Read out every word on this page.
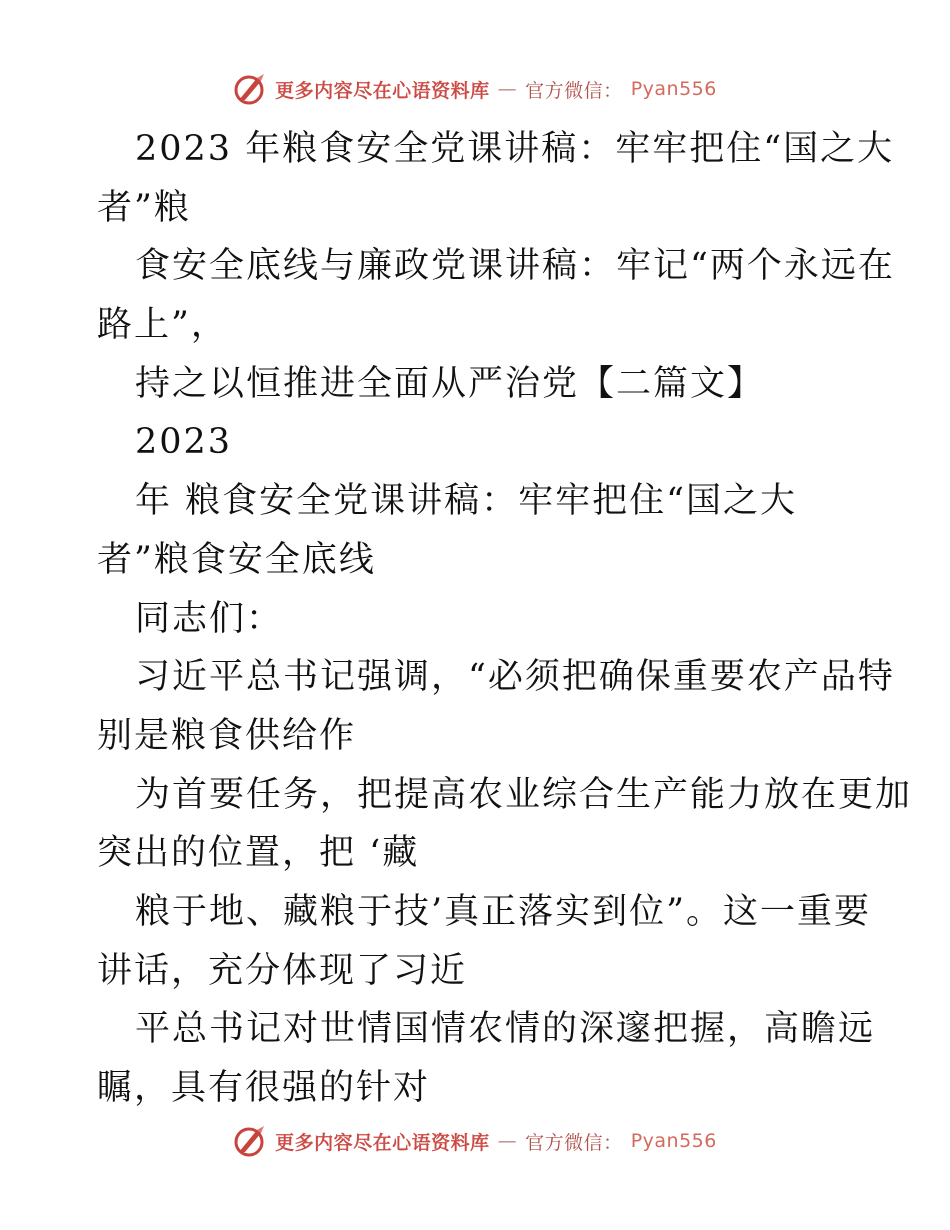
更多内容尽在心语资料库 — 官方微信： Pyan556
2023 年粮食安全党课讲稿：牢牢把住“国之大
者”粮
食安全底线与廉政党课讲稿：牢记“两个永远在
路上”，
持之以恒推进全面从严治党【二篇文】
2023
年 粮食安全党课讲稿：牢牢把住“国之大
者”粮食安全底线
同志们：
习近平总书记强调，“必须把确保重要农产品特
别是粮食供给作
为首要任务，把提高农业综合生产能力放在更加
突出的位置，把 ‘藏
粮于地、藏粮于技’真正落实到位”。这一重要
讲话，充分体现了习近
平总书记对世情国情农情的深邃把握，高瞻远
瞩，具有很强的针对
更多内容尽在心语资料库 — 官方微信： Pyan556
